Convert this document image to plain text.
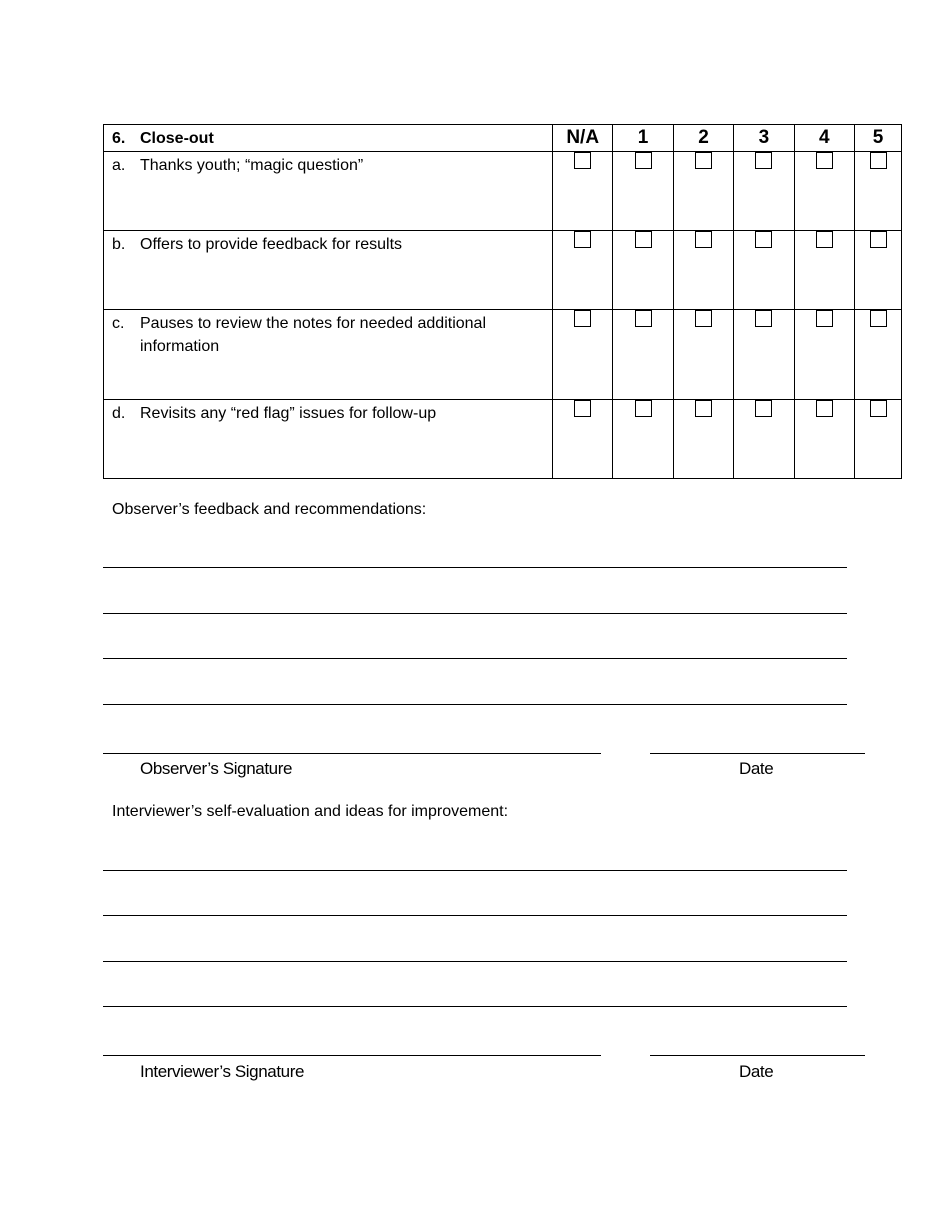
6. Close-out	N/A	1	2	3	4	5

a. Thanks youth; “magic question”						

b. Offers to provide feedback for results						

c. Pauses to review the notes for needed additional information						

d. Revisits any “red flag” issues for follow-up						

Observer’s feedback and recommendations:
Observer’s Signature	Date
Interviewer’s self-evaluation and ideas for improvement:
Interviewer’s Signature	Date
